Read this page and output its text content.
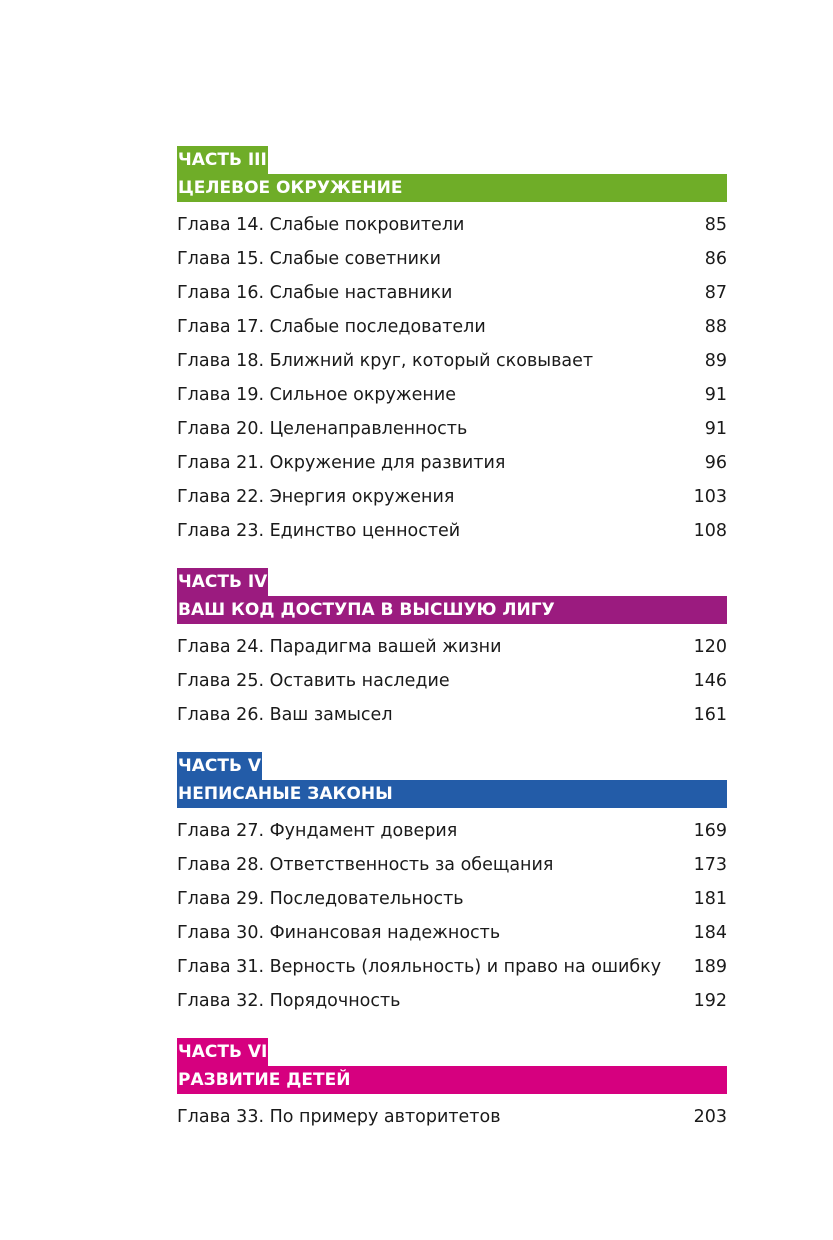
ЧАСТЬ III
ЦЕЛЕВОЕ ОКРУЖЕНИЕ
Глава 14. Слабые покровители	85
Глава 15. Слабые советники	86
Глава 16. Слабые наставники	87
Глава 17. Слабые последователи	88
Глава 18. Ближний круг, который сковывает	89
Глава 19. Сильное окружение	91
Глава 20. Целенаправленность	91
Глава 21. Окружение для развития	96
Глава 22. Энергия окружения	103
Глава 23. Единство ценностей	108
ЧАСТЬ IV
ВАШ КОД ДОСТУПА В ВЫСШУЮ ЛИГУ
Глава 24. Парадигма вашей жизни	120
Глава 25. Оставить наследие	146
Глава 26. Ваш замысел	161
ЧАСТЬ V
НЕПИСАНЫЕ ЗАКОНЫ
Глава 27. Фундамент доверия	169
Глава 28. Ответственность за обещания	173
Глава 29. Последовательность	181
Глава 30. Финансовая надежность	184
Глава 31. Верность (лояльность) и право на ошибку 189
Глава 32. Порядочность	192
ЧАСТЬ VI
РАЗВИТИЕ ДЕТЕЙ
Глава 33. По примеру авторитетов	203
